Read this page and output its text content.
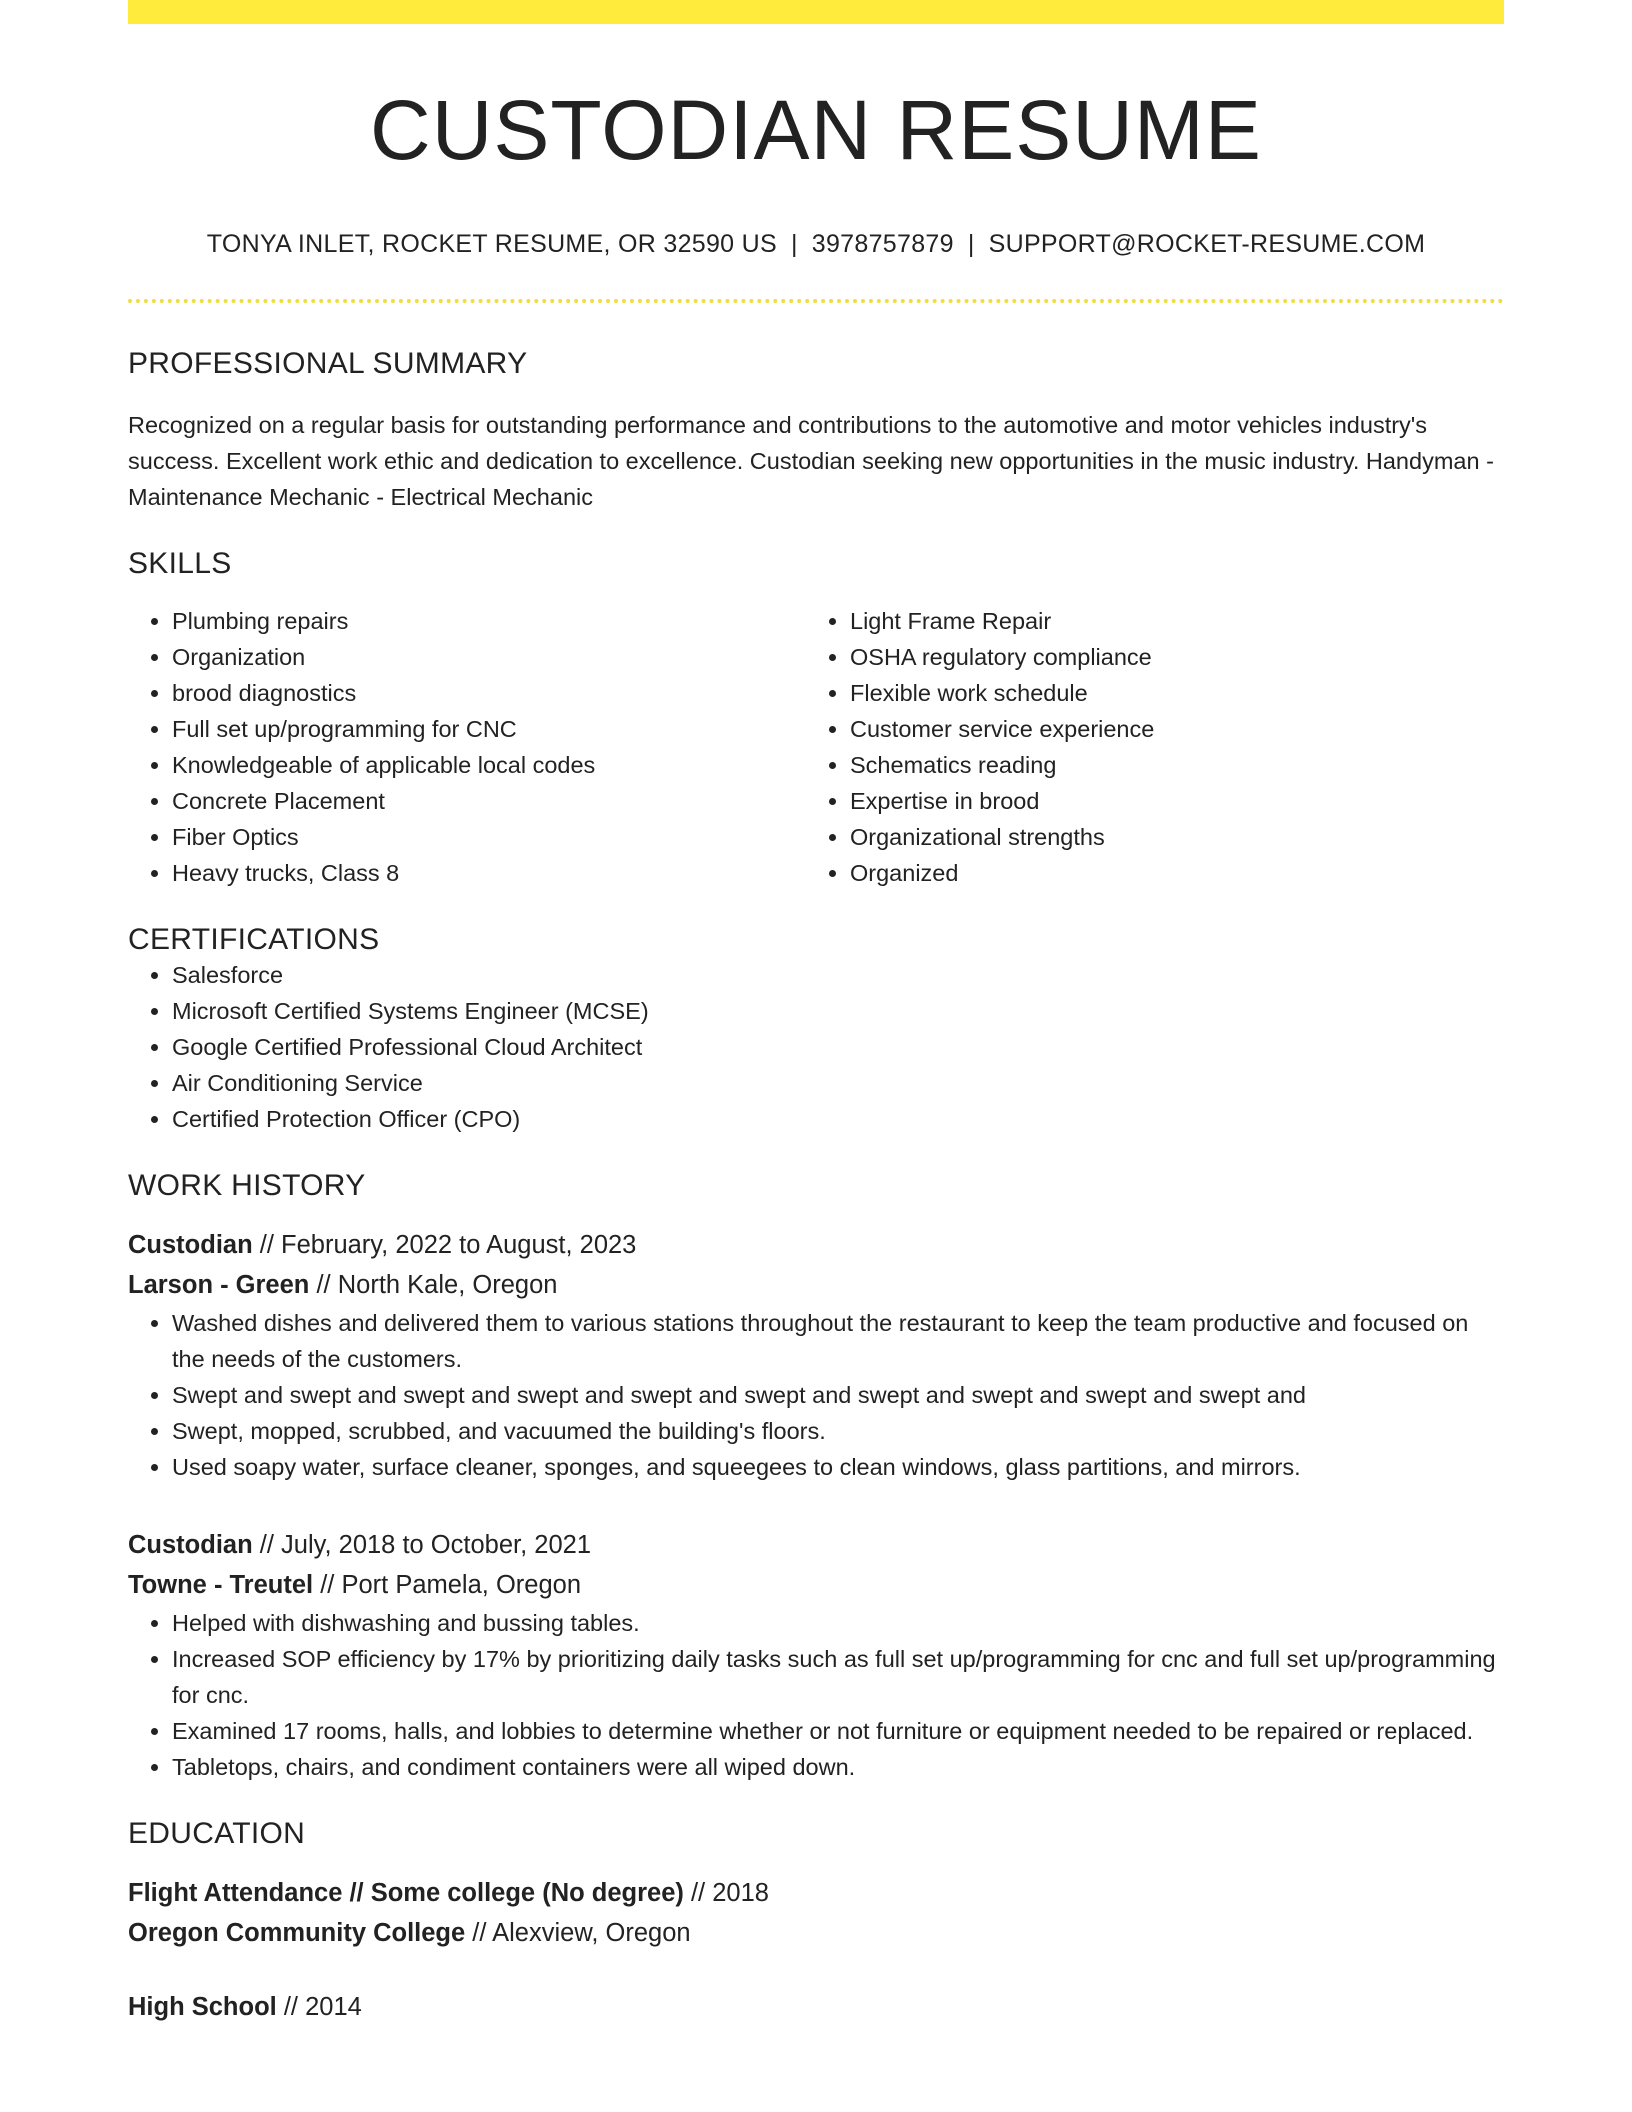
CUSTODIAN RESUME
TONYA INLET, ROCKET RESUME, OR 32590 US | 3978757879 | SUPPORT@ROCKET-RESUME.COM
PROFESSIONAL SUMMARY
Recognized on a regular basis for outstanding performance and contributions to the automotive and motor vehicles industry's success. Excellent work ethic and dedication to excellence. Custodian seeking new opportunities in the music industry. Handyman - Maintenance Mechanic - Electrical Mechanic
SKILLS
• Plumbing repairs
• Organization
• brood diagnostics
• Full set up/programming for CNC
• Knowledgeable of applicable local codes
• Concrete Placement
• Fiber Optics
• Heavy trucks, Class 8
• Light Frame Repair
• OSHA regulatory compliance
• Flexible work schedule
• Customer service experience
• Schematics reading
• Expertise in brood
• Organizational strengths
• Organized
CERTIFICATIONS
• Salesforce
• Microsoft Certified Systems Engineer (MCSE)
• Google Certified Professional Cloud Architect
• Air Conditioning Service
• Certified Protection Officer (CPO)
WORK HISTORY
Custodian // February, 2022 to August, 2023
Larson - Green // North Kale, Oregon
• Washed dishes and delivered them to various stations throughout the restaurant to keep the team productive and focused on the needs of the customers.
• Swept and swept and swept and swept and swept and swept and swept and swept and swept and swept and
• Swept, mopped, scrubbed, and vacuumed the building's floors.
• Used soapy water, surface cleaner, sponges, and squeegees to clean windows, glass partitions, and mirrors.
Custodian // July, 2018 to October, 2021
Towne - Treutel // Port Pamela, Oregon
• Helped with dishwashing and bussing tables.
• Increased SOP efficiency by 17% by prioritizing daily tasks such as full set up/programming for cnc and full set up/programming for cnc.
• Examined 17 rooms, halls, and lobbies to determine whether or not furniture or equipment needed to be repaired or replaced.
• Tabletops, chairs, and condiment containers were all wiped down.
EDUCATION
Flight Attendance // Some college (No degree) // 2018
Oregon Community College // Alexview, Oregon
High School // 2014
